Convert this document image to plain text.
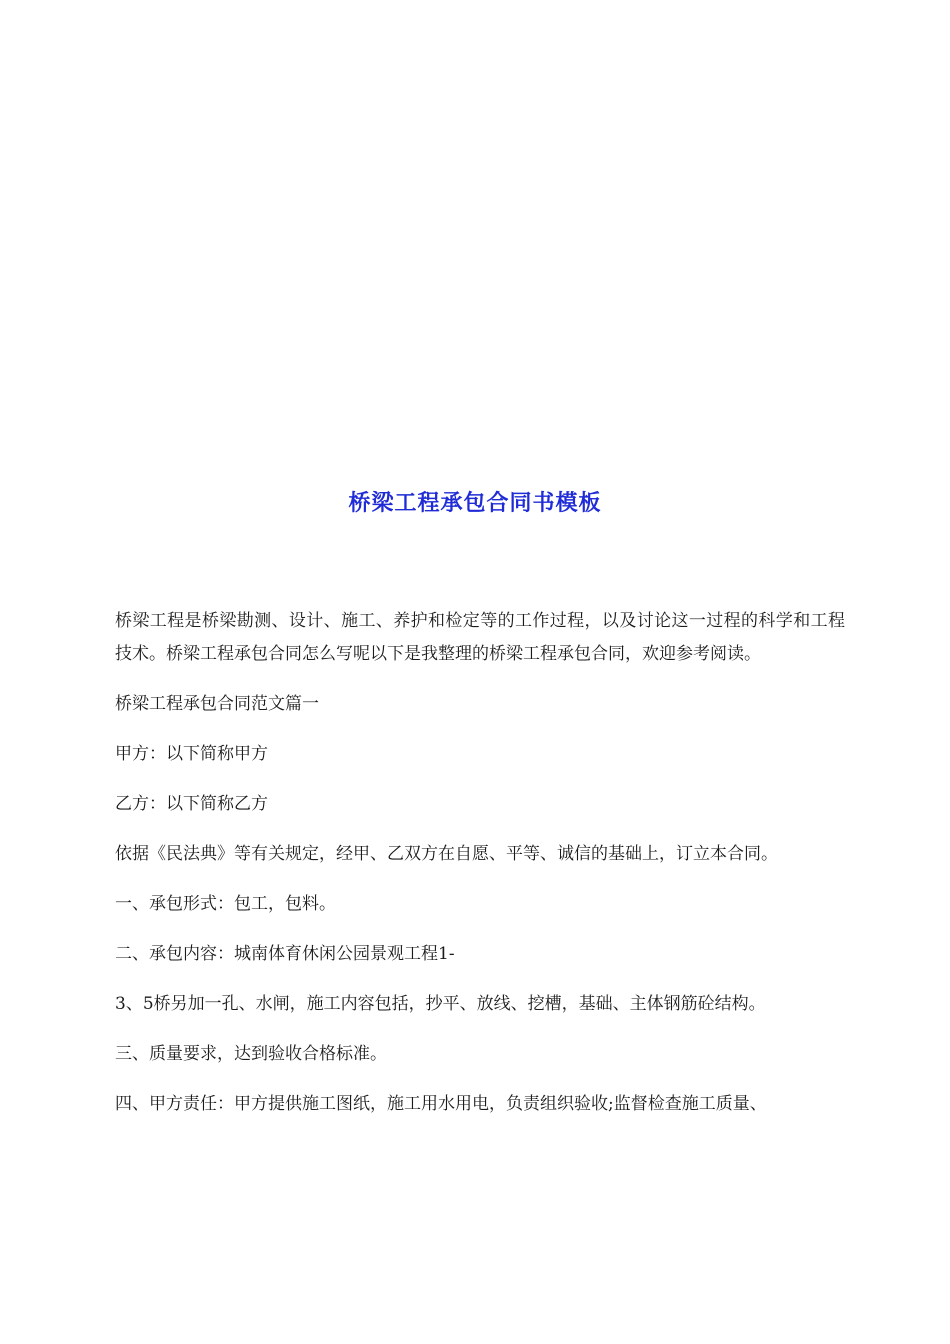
桥梁工程承包合同书模板

桥梁工程是桥梁勘测、设计、施工、养护和检定等的工作过程，以及讨论这一过程的科学和工程技术。桥梁工程承包合同怎么写呢以下是我整理的桥梁工程承包合同，欢迎参考阅读。

桥梁工程承包合同范文篇一

甲方：以下简称甲方

乙方：以下简称乙方

依据《民法典》等有关规定，经甲、乙双方在自愿、平等、诚信的基础上，订立本合同。

一、承包形式：包工，包料。

二、承包内容：城南体育休闲公园景观工程1-

3、5桥另加一孔、水闸，施工内容包括，抄平、放线、挖槽，基础、主体钢筋砼结构。

三、质量要求，达到验收合格标准。

四、甲方责任：甲方提供施工图纸，施工用水用电，负责组织验收;监督检查施工质量、
